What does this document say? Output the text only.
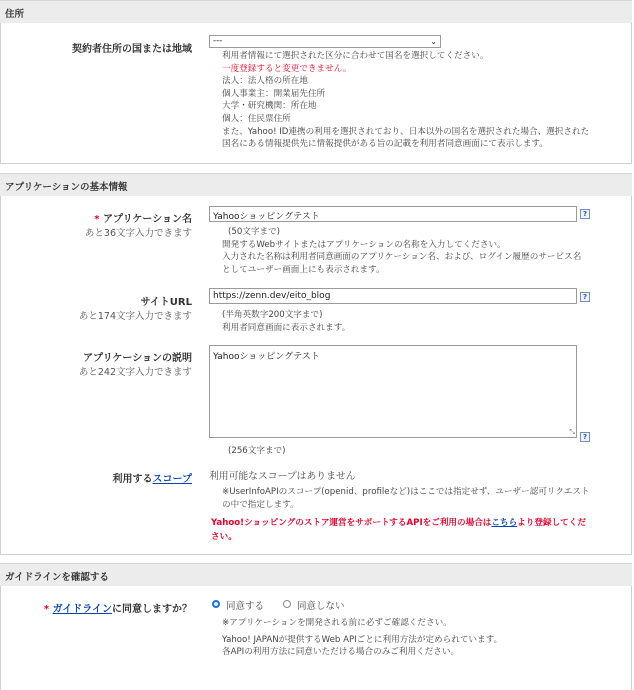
住所
契約者住所の国または地域
---	⌄
利用者情報にて選択された区分に合わせて国名を選択してください。
一度登録すると変更できません。
法人：法人格の所在地
個人事業主：開業届先住所
大学・研究機関：所在地
個人：住民票住所
また、Yahoo! ID連携の利用を選択されており、日本以外の国名を選択された場合、選択された
国名にある情報提供先に情報提供がある旨の記載を利用者同意画面にて表示します。
アプリケーションの基本情報
* アプリケーション名
あと36文字入力できます
Yahooショッピングテスト	?
(50文字まで)
開発するWebサイトまたはアプリケーションの名称を入力してください。
入力された名称は利用者同意画面のアプリケーション名、および、ログイン履歴のサービス名
としてユーザー画面上にも表示されます。
サイトURL
あと174文字入力できます
https://zenn.dev/eito_blog	?
(半角英数字200文字まで)
利用者同意画面に表示されます。
アプリケーションの説明
あと242文字入力できます
Yahooショッピングテスト
⤡
?
(256文字まで)
利用するスコープ 利用可能なスコープはありません
※UserInfoAPIのスコープ(openid、profileなど)はここでは指定せず、ユーザー認可リクエスト
の中で指定します。
Yahoo!ショッピングのストア運営をサポートするAPIをご利用の場合はこちらより登録してくだ
さい。
ガイドラインを確認する
* ガイドラインに同意しますか？	同意する	同意しない
※アプリケーションを開発される前に必ずご確認ください。
Yahoo! JAPANが提供するWeb APIごとに利用方法が定められています。
各APIの利用方法に同意いただける場合のみご利用ください。
